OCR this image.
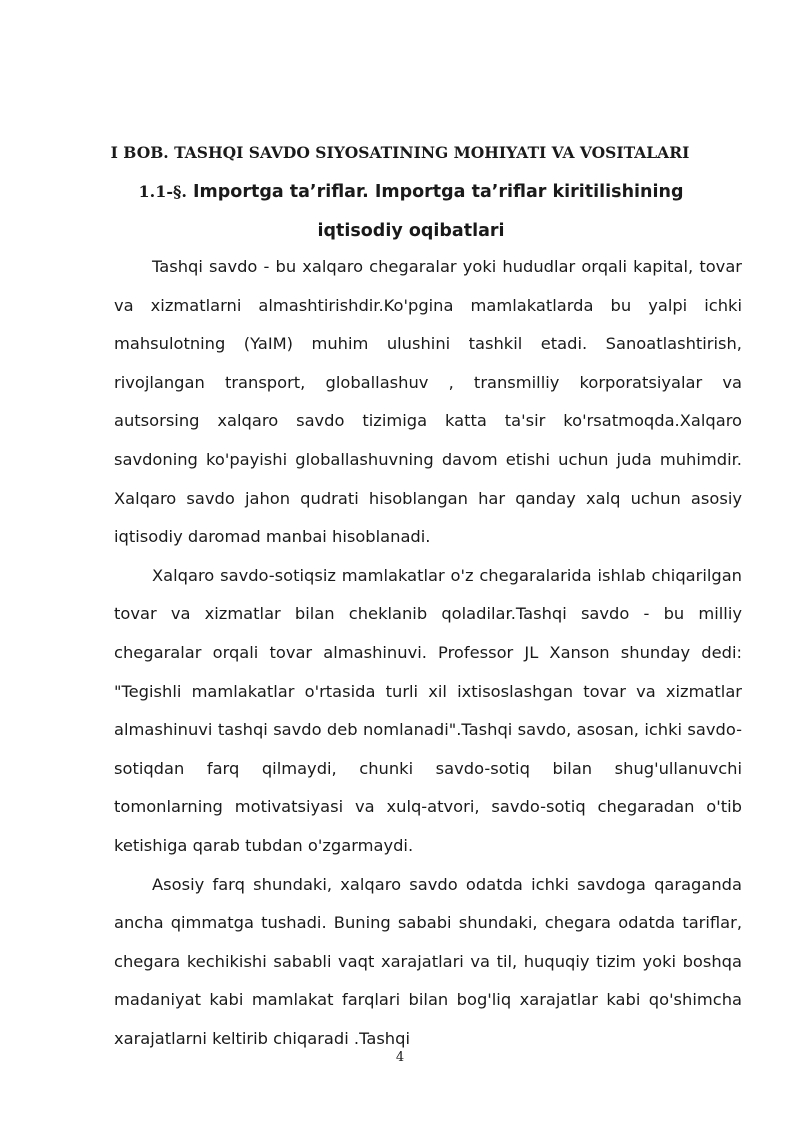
I BOB. TASHQI SAVDO SIYOSATINING MOHIYATI VA VOSITALARI
1.1-§. Importga ta’riflar. Importga ta’riflar kiritilishining iqtisodiy oqibatlari

Tashqi savdo - bu xalqaro chegaralar yoki hududlar orqali kapital, tovar va xizmatlarni almashtirishdir.Ko'pgina mamlakatlarda bu yalpi ichki mahsulotning (YaIM) muhim ulushini tashkil etadi. Sanoatlashtirish, rivojlangan transport, globallashuv , transmilliy korporatsiyalar va autsorsing xalqaro savdo tizimiga katta ta'sir ko'rsatmoqda.Xalqaro savdoning ko'payishi globallashuvning davom etishi uchun juda muhimdir. Xalqaro savdo jahon qudrati hisoblangan har qanday xalq uchun asosiy iqtisodiy daromad manbai hisoblanadi.

Xalqaro savdo-sotiqsiz mamlakatlar o'z chegaralarida ishlab chiqarilgan tovar va xizmatlar bilan cheklanib qoladilar.Tashqi savdo - bu milliy chegaralar orqali tovar almashinuvi. Professor JL Xanson shunday dedi: "Tegishli mamlakatlar o'rtasida turli xil ixtisoslashgan tovar va xizmatlar almashinuvi tashqi savdo deb nomlanadi".Tashqi savdo, asosan, ichki savdo-sotiqdan farq qilmaydi, chunki savdo-sotiq bilan shug'ullanuvchi tomonlarning motivatsiyasi va xulq-atvori, savdo-sotiq chegaradan o'tib ketishiga qarab tubdan o'zgarmaydi.

Asosiy farq shundaki, xalqaro savdo odatda ichki savdoga qaraganda ancha qimmatga tushadi. Buning sababi shundaki, chegara odatda tariflar, chegara kechikishi sababli vaqt xarajatlari va til, huquqiy tizim yoki boshqa madaniyat kabi mamlakat farqlari bilan bog'liq xarajatlar kabi qo'shimcha xarajatlarni keltirib chiqaradi .Tashqi

4
